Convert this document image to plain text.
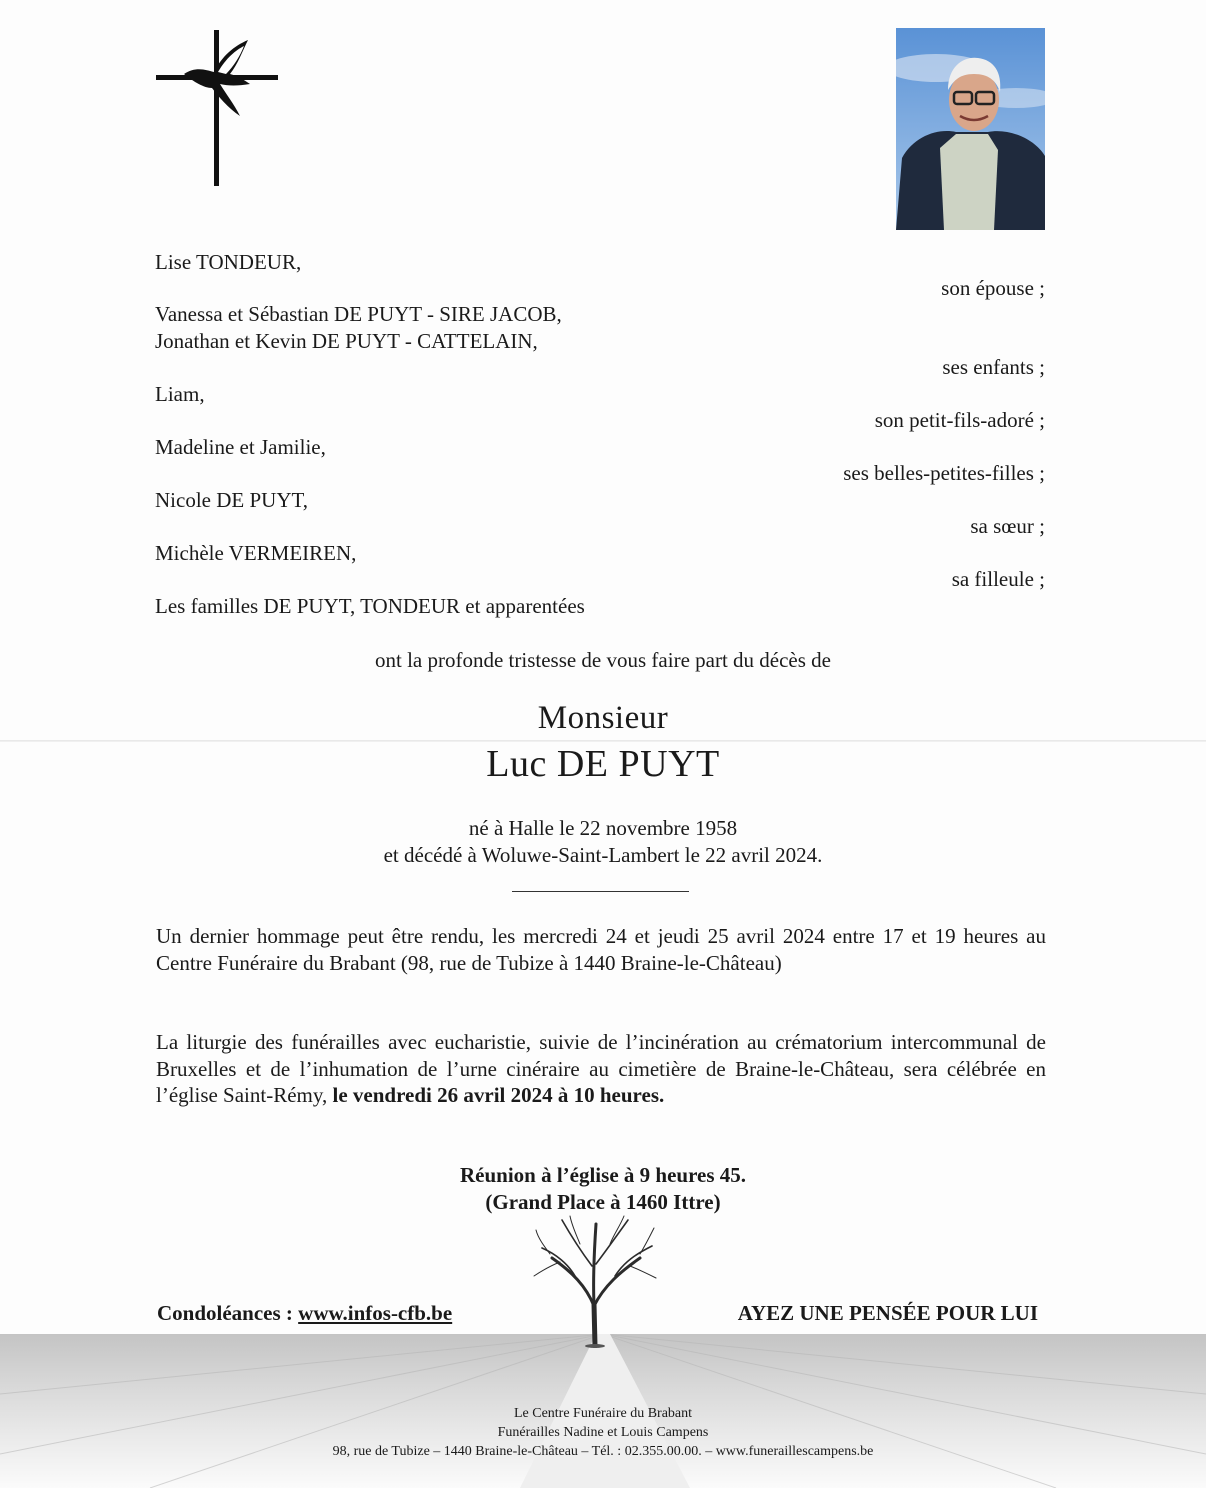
Lise TONDEUR,
Vanessa et Sébastian DE PUYT - SIRE JACOB,
Jonathan et Kevin DE PUYT - CATTELAIN,
Liam,
Madeline et Jamilie,
Nicole DE PUYT,
Michèle VERMEIREN,
Les familles DE PUYT, TONDEUR et apparentées
son épouse ;
ses enfants ;
son petit-fils-adoré ;
ses belles-petites-filles ;
sa sœur ;
sa filleule ;
ont la profonde tristesse de vous faire part du décès de
Monsieur
Luc DE PUYT
né à Halle le 22 novembre 1958
et décédé à Woluwe-Saint-Lambert le 22 avril 2024.
Un dernier hommage peut être rendu, les mercredi 24 et jeudi 25 avril 2024 entre 17 et 19 heures au Centre Funéraire du Brabant (98, rue de Tubize à 1440 Braine-le-Château)
La liturgie des funérailles avec eucharistie, suivie de l’incinération au crématorium intercommunal de Bruxelles et de l’inhumation de l’urne cinéraire au cimetière de Braine-le-Château, sera célébrée en l’église Saint-Rémy, le vendredi 26 avril 2024 à 10 heures.
Réunion à l’église à 9 heures 45.
(Grand Place à 1460 Ittre)
Condoléances : www.infos-cfb.be	AYEZ UNE PENSÉE POUR LUI
Le Centre Funéraire du Brabant
Funérailles Nadine et Louis Campens
98, rue de Tubize – 1440 Braine-le-Château – Tél. : 02.355.00.00. – www.funeraillescampens.be
